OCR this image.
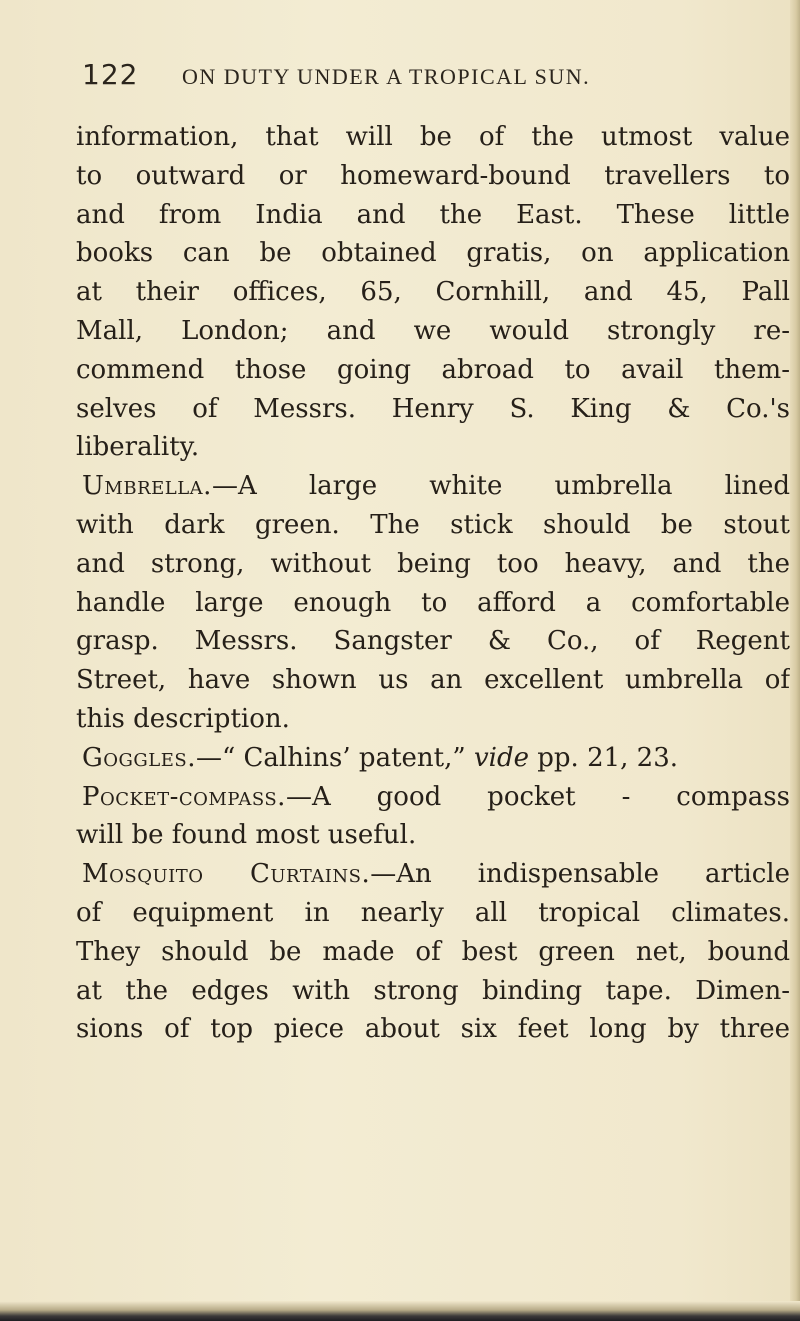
122 ON DUTY UNDER A TROPICAL SUN.
information, that will be of the utmost value
to outward or homeward-bound travellers to
and from India and the East. These little
books can be obtained gratis, on application
at their offices, 65, Cornhill, and 45, Pall
Mall, London; and we would strongly re-
commend those going abroad to avail them-
selves of Messrs. Henry S. King & Co.'s
liberality.
Umbrella.—A large white umbrella lined
with dark green. The stick should be stout
and strong, without being too heavy, and the
handle large enough to afford a comfortable
grasp. Messrs. Sangster & Co., of Regent
Street, have shown us an excellent umbrella of
this description.
Goggles.—“ Calhins’ patent,” vide pp. 21, 23.
Pocket-compass.—A good pocket - compass
will be found most useful.
Mosquito Curtains.—An indispensable article
of equipment in nearly all tropical climates.
They should be made of best green net, bound
at the edges with strong binding tape. Dimen-
sions of top piece about six feet long by three
